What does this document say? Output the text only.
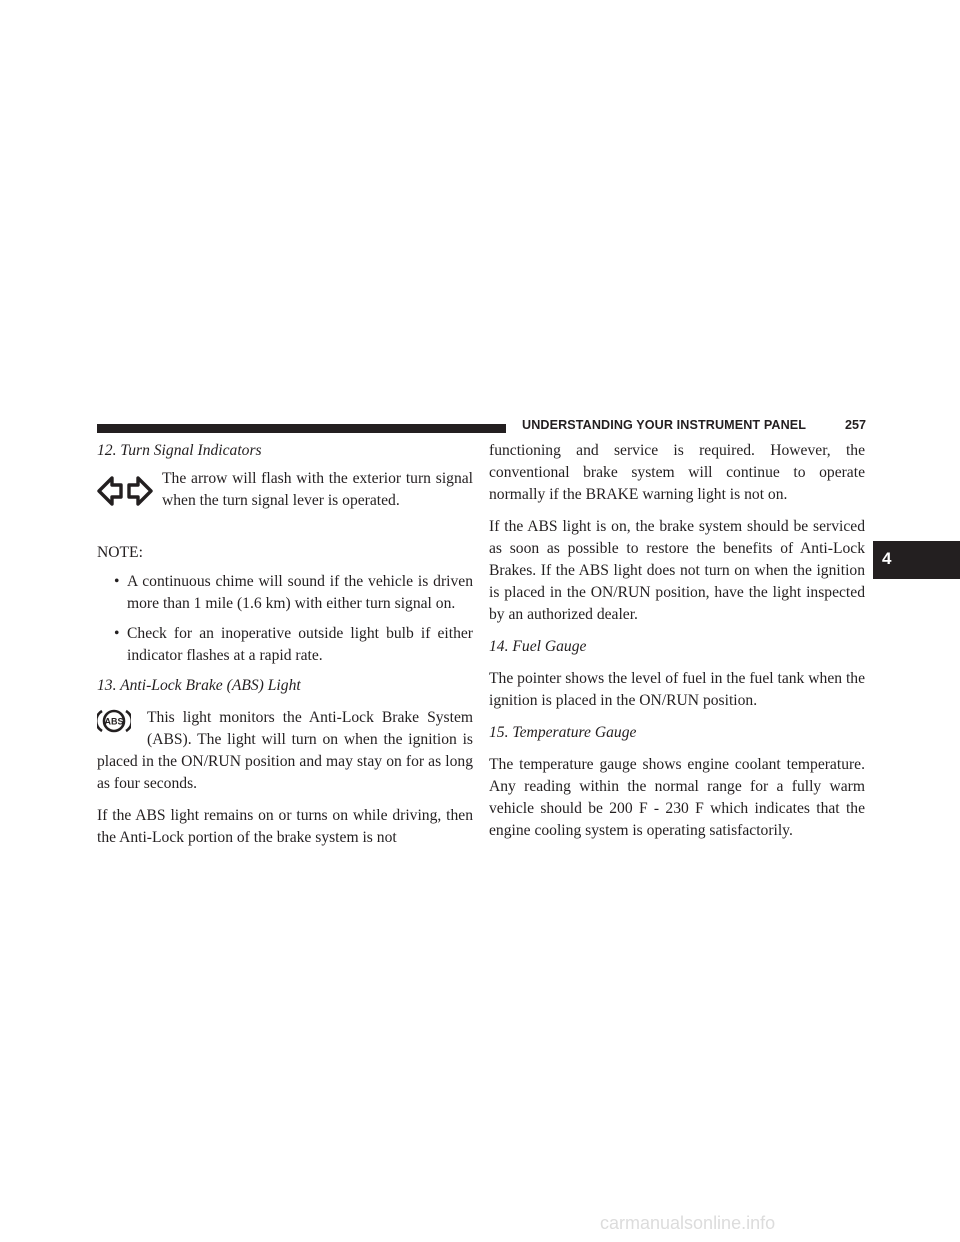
UNDERSTANDING YOUR INSTRUMENT PANEL	257
4

12. Turn Signal Indicators

The arrow will flash with the exterior turn signal when the turn signal lever is operated.

NOTE:

• A continuous chime will sound if the vehicle is driven more than 1 mile (1.6 km) with either turn signal on.
• Check for an inoperative outside light bulb if either indicator flashes at a rapid rate.

13. Anti-Lock Brake (ABS) Light

ABS	This light monitors the Anti-Lock Brake System (ABS). The light will turn on when the ignition is placed in the ON/RUN position and may stay on for as long as four seconds.

If the ABS light remains on or turns on while driving, then the Anti-Lock portion of the brake system is not

functioning and service is required. However, the conventional brake system will continue to operate normally if the BRAKE warning light is not on.

If the ABS light is on, the brake system should be serviced as soon as possible to restore the benefits of Anti-Lock Brakes. If the ABS light does not turn on when the ignition is placed in the ON/RUN position, have the light inspected by an authorized dealer.

14. Fuel Gauge

The pointer shows the level of fuel in the fuel tank when the ignition is placed in the ON/RUN position.

15. Temperature Gauge

The temperature gauge shows engine coolant temperature. Any reading within the normal range for a fully warm vehicle should be 200 F - 230 F which indicates that the engine cooling system is operating satisfactorily.

carmanualsonline.info
